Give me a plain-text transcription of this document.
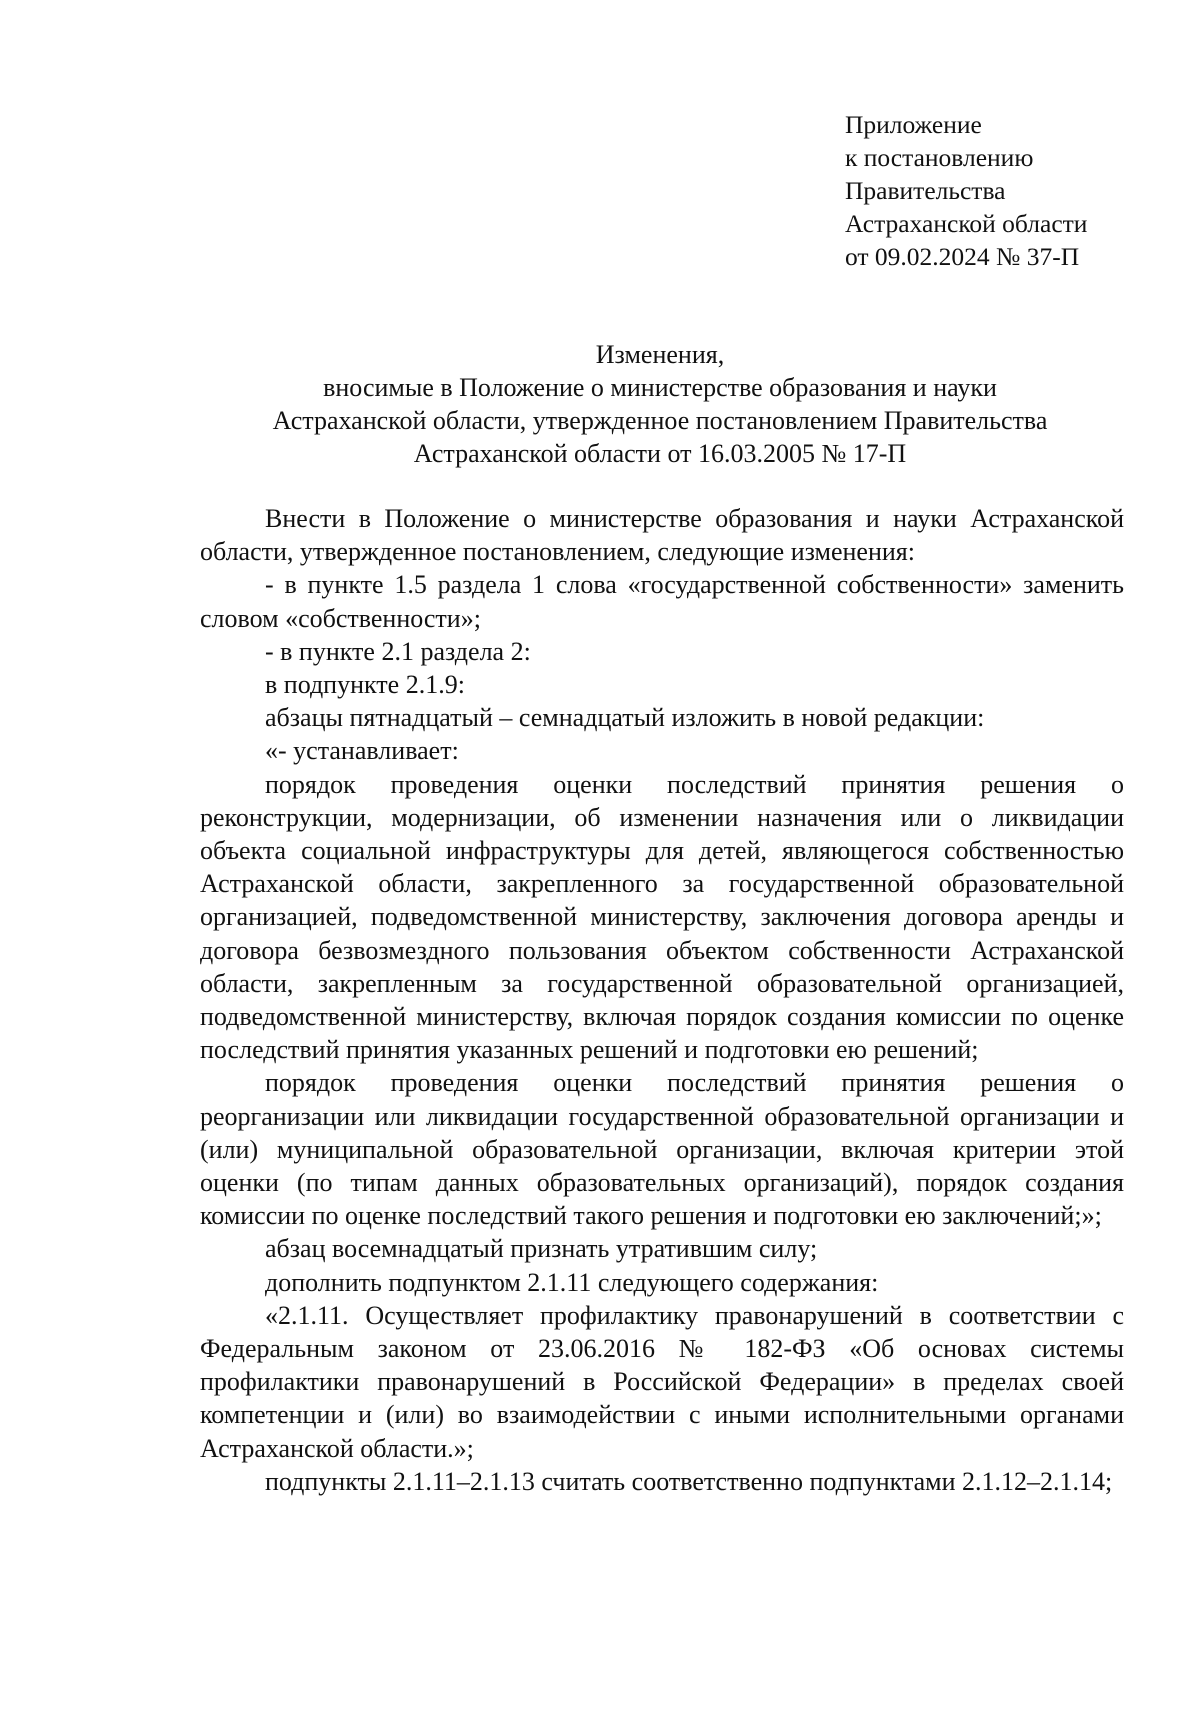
Приложение
к постановлению
Правительства
Астраханской области
от 09.02.2024 № 37-П
Изменения,
вносимые в Положение о министерстве образования и науки
Астраханской области, утвержденное постановлением Правительства
Астраханской области от 16.03.2005 № 17-П

Внести в Положение о министерстве образования и науки Астраханской области, утвержденное постановлением, следующие изменения:

- в пункте 1.5 раздела 1 слова «государственной собственности» заменить словом «собственности»;

- в пункте 2.1 раздела 2:

в подпункте 2.1.9:

абзацы пятнадцатый – семнадцатый изложить в новой редакции:

«- устанавливает:

порядок проведения оценки последствий принятия решения о реконструкции, модернизации, об изменении назначения или о ликвидации объекта социальной инфраструктуры для детей, являющегося собственностью Астраханской области, закрепленного за государственной образовательной организацией, подведомственной министерству, заключения договора аренды и договора безвозмездного пользования объектом собственности Астраханской области, закрепленным за государственной образовательной организацией, подведомственной министерству, включая порядок создания комиссии по оценке последствий принятия указанных решений и подготовки ею решений;

порядок проведения оценки последствий принятия решения о реорганизации или ликвидации государственной образовательной организации и (или) муниципальной образовательной организации, включая критерии этой оценки (по типам данных образовательных организаций), порядок создания комиссии по оценке последствий такого решения и подготовки ею заключений;»;

абзац восемнадцатый признать утратившим силу;

дополнить подпунктом 2.1.11 следующего содержания:

«2.1.11. Осуществляет профилактику правонарушений в соответствии с Федеральным законом от 23.06.2016 № 182-ФЗ «Об основах системы профилактики правонарушений в Российской Федерации» в пределах своей компетенции и (или) во взаимодействии с иными исполнительными органами Астраханской области.»;

подпункты 2.1.11–2.1.13 считать соответственно подпунктами 2.1.12–2.1.14;
